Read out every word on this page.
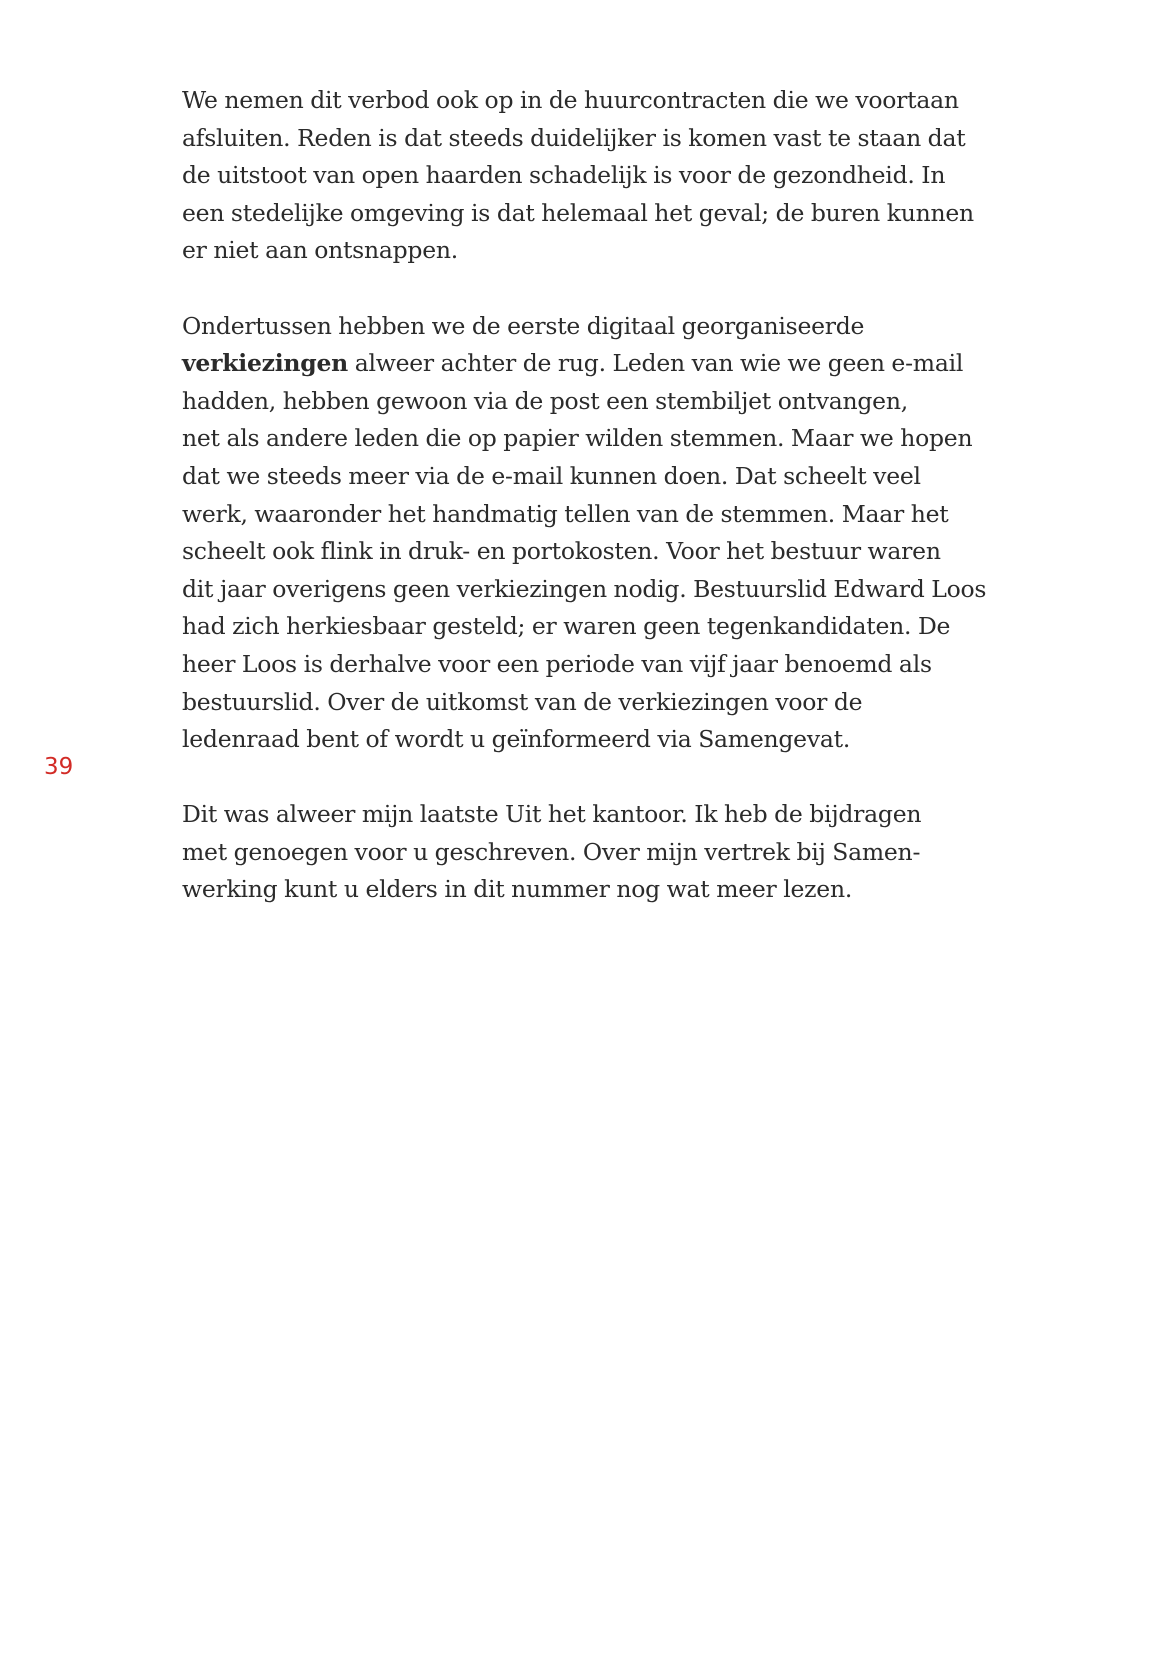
39

We nemen dit verbod ook op in de huurcontracten die we voortaan
afsluiten. Reden is dat steeds duidelijker is komen vast te staan dat
de uitstoot van open haarden schadelijk is voor de gezondheid. In
een stedelijke omgeving is dat helemaal het geval; de buren kunnen
er niet aan ontsnappen.

Ondertussen hebben we de eerste digitaal georganiseerde
verkiezingen alweer achter de rug. Leden van wie we geen e-mail
hadden, hebben gewoon via de post een stembiljet ontvangen,
net als andere leden die op papier wilden stemmen. Maar we hopen
dat we steeds meer via de e-mail kunnen doen. Dat scheelt veel
werk, waaronder het handmatig tellen van de stemmen. Maar het
scheelt ook flink in druk- en portokosten. Voor het bestuur waren
dit jaar overigens geen verkiezingen nodig. Bestuurslid Edward Loos
had zich herkiesbaar gesteld; er waren geen tegenkandidaten. De
heer Loos is derhalve voor een periode van vijf jaar benoemd als
bestuurslid. Over de uitkomst van de verkiezingen voor de
ledenraad bent of wordt u geïnformeerd via Samengevat.

Dit was alweer mijn laatste Uit het kantoor. Ik heb de bijdragen
met genoegen voor u geschreven. Over mijn vertrek bij Samen-
werking kunt u elders in dit nummer nog wat meer lezen.
